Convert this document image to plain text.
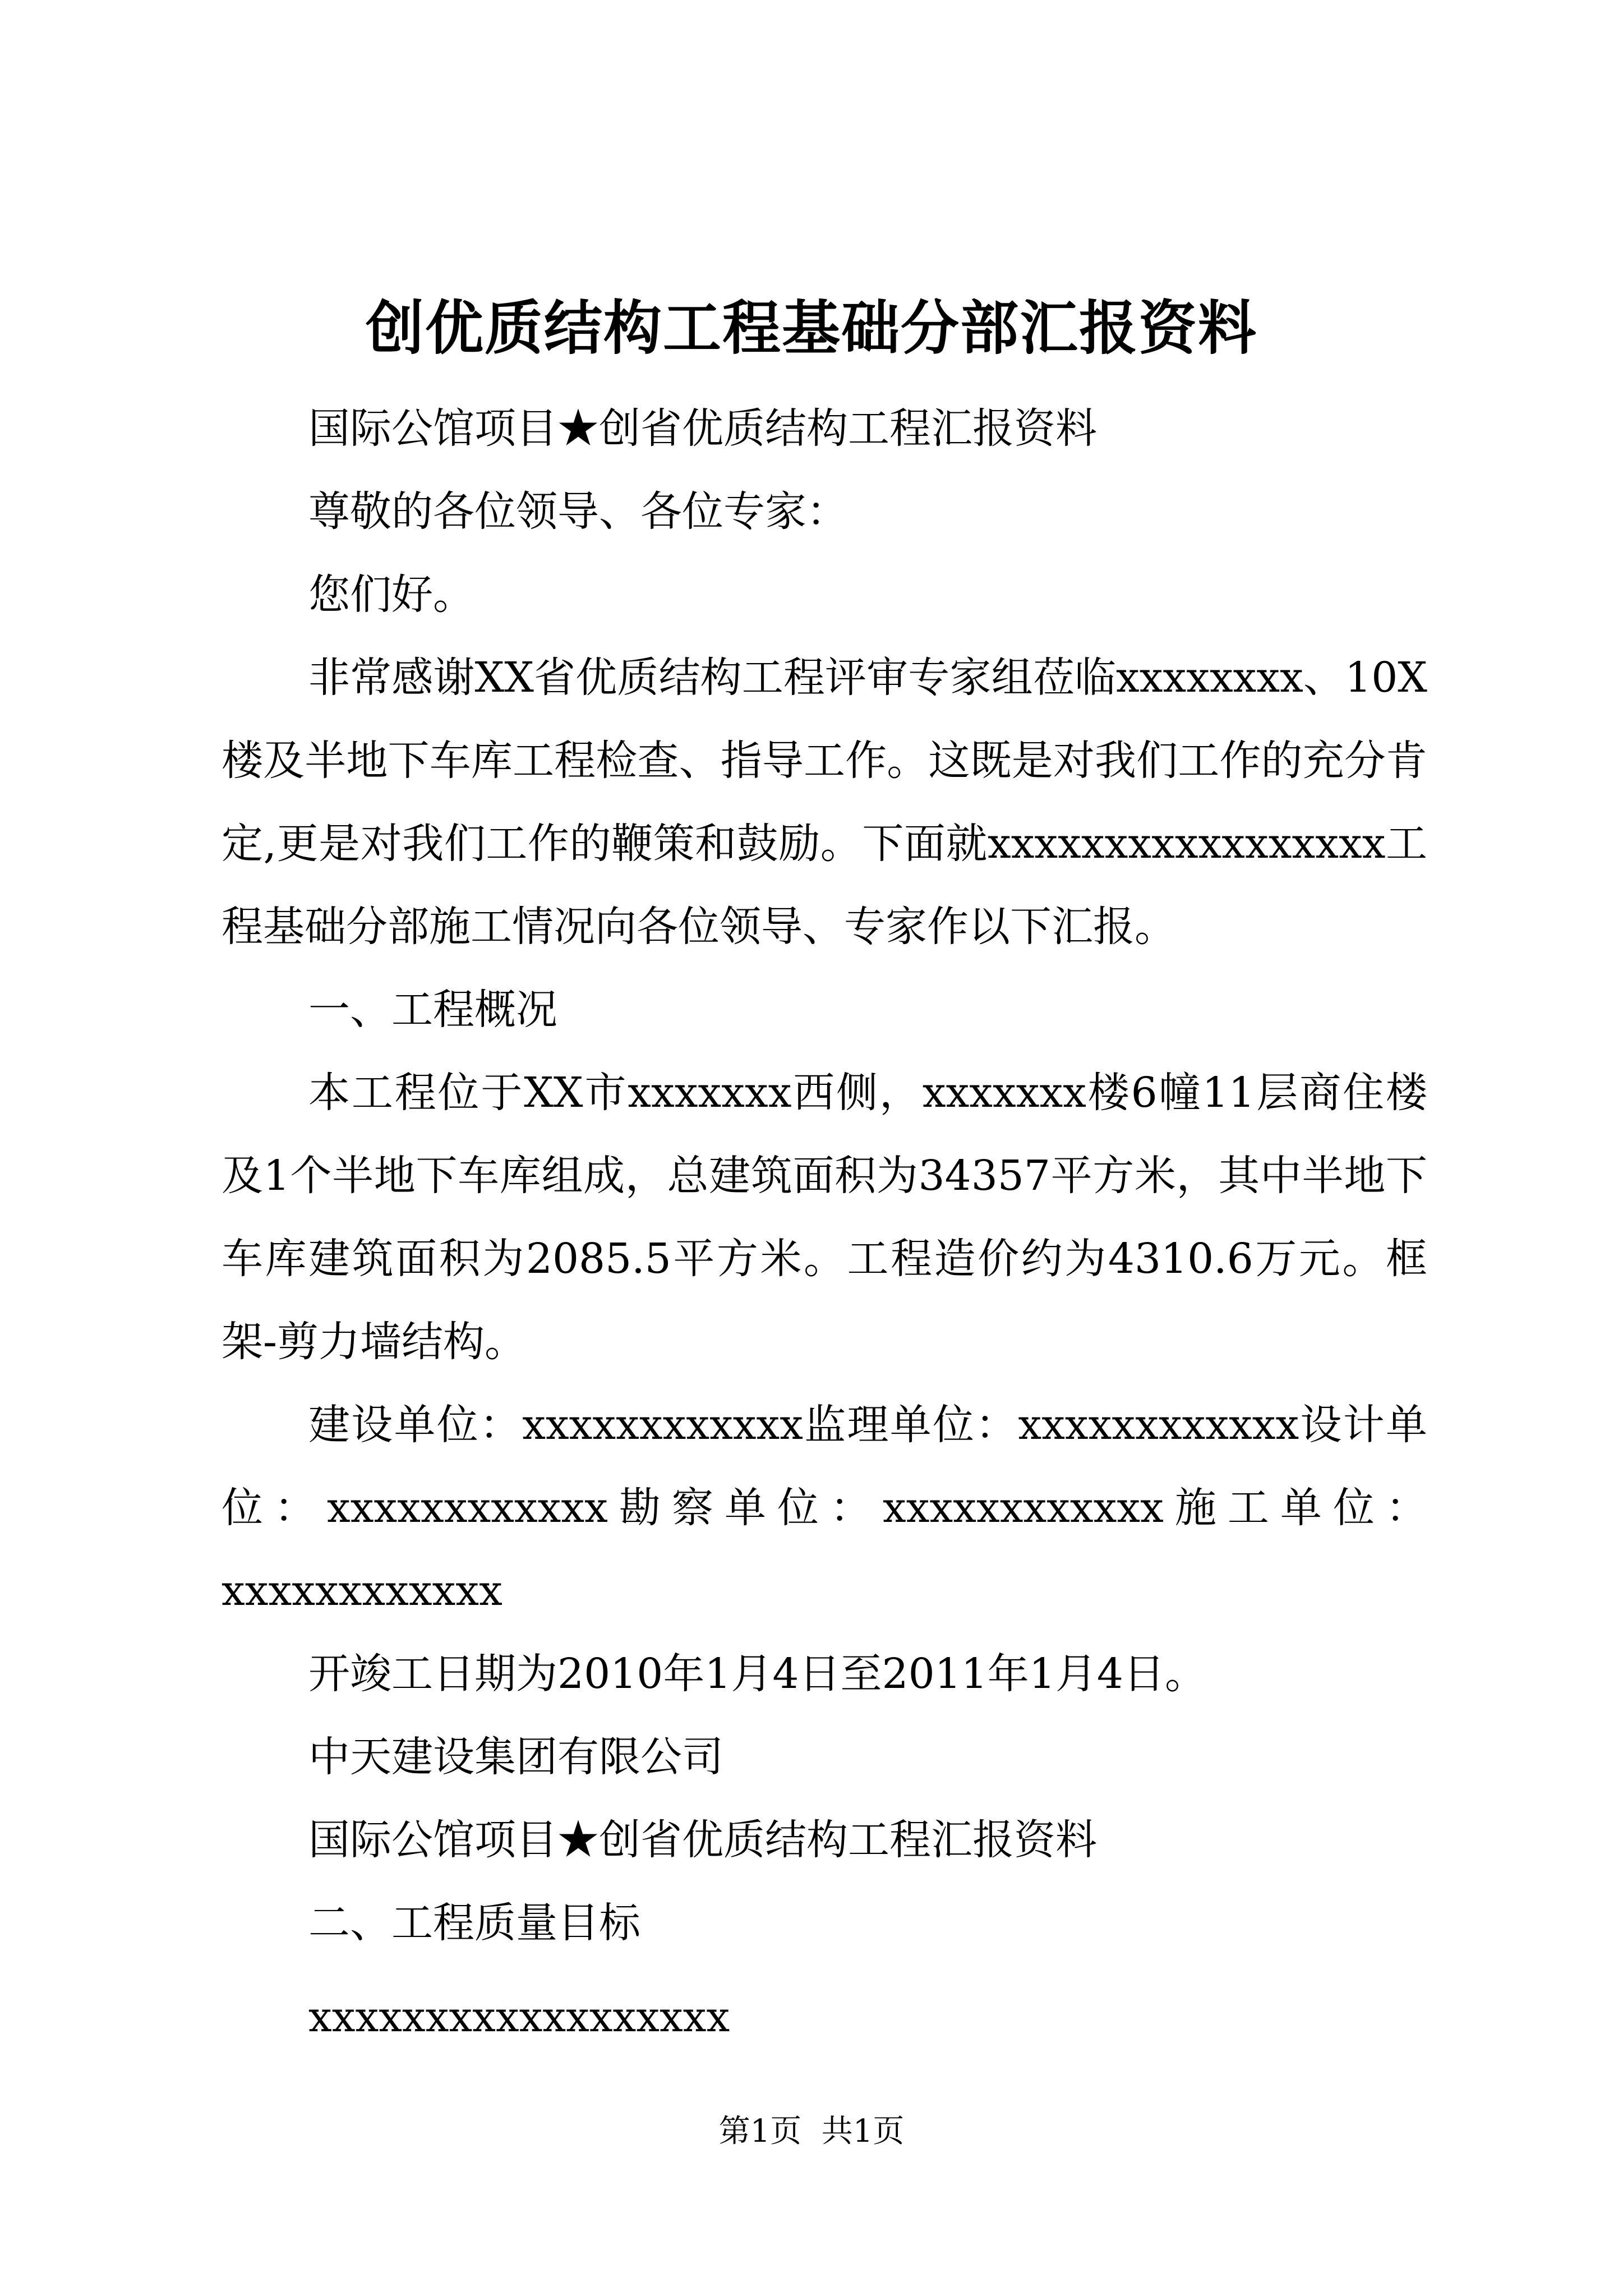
创优质结构工程基础分部汇报资料

国际公馆项目★创省优质结构工程汇报资料

尊敬的各位领导、各位专家：

您们好。

非常感谢XX省优质结构工程评审专家组莅临xxxxxxxx、10X楼及半地下车库工程检查、指导工作。这既是对我们工作的充分肯定,更是对我们工作的鞭策和鼓励。下面就xxxxxxxxxxxxxxxxx工程基础分部施工情况向各位领导、专家作以下汇报。

一、工程概况

本工程位于XX市xxxxxxx西侧，xxxxxxx楼6幢11层商住楼及1个半地下车库组成，总建筑面积为34357平方米，其中半地下车库建筑面积为2085.5平方米。工程造价约为4310.6万元。框架-剪力墙结构。

建设单位：xxxxxxxxxxxx监理单位：xxxxxxxxxxxx设计单位：xxxxxxxxxxxx勘察单位：xxxxxxxxxxxx施工单位：xxxxxxxxxxxx

开竣工日期为2010年1月4日至2011年1月4日。

中天建设集团有限公司

国际公馆项目★创省优质结构工程汇报资料

二、工程质量目标

xxxxxxxxxxxxxxxxxx

第1页  共1页
